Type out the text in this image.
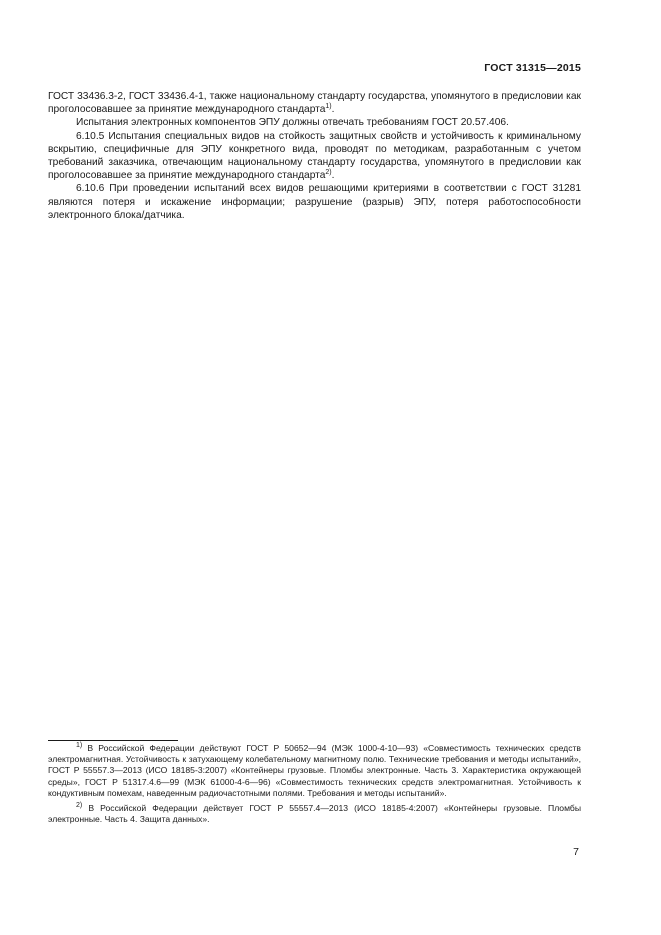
ГОСТ 31315—2015

ГОСТ 33436.3-2, ГОСТ 33436.4-1, также национальному стандарту государства, упомянутого в предисловии как проголосовавшее за принятие международного стандарта$^{1)}$.

Испытания электронных компонентов ЭПУ должны отвечать требованиям ГОСТ 20.57.406.

6.10.5 Испытания специальных видов на стойкость защитных свойств и устойчивость к криминальному вскрытию, специфичные для ЭПУ конкретного вида, проводят по методикам, разработанным с учетом требований заказчика, отвечающим национальному стандарту государства, упомянутого в предисловии как проголосовавшее за принятие международного стандарта$^{2)}$.

6.10.6 При проведении испытаний всех видов решающими критериями в соответствии с ГОСТ 31281 являются потеря и искажение информации; разрушение (разрыв) ЭПУ, потеря работоспособности электронного блока/датчика.

$^{1)}$ В Российской Федерации действуют ГОСТ Р 50652—94 (МЭК 1000-4-10—93) «Совместимость технических средств электромагнитная. Устойчивость к затухающему колебательному магнитному полю. Технические требования и методы испытаний», ГОСТ Р 55557.3—2013 (ИСО 18185-3:2007) «Контейнеры грузовые. Пломбы электронные. Часть 3. Характеристика окружающей среды», ГОСТ Р 51317.4.6—99 (МЭК 61000-4-6—96) «Совместимость технических средств электромагнитная. Устойчивость к кондуктивным помехам, наведенным радиочастотными полями. Требования и методы испытаний».

$^{2)}$ В Российской Федерации действует ГОСТ Р 55557.4—2013 (ИСО 18185-4:2007) «Контейнеры грузовые. Пломбы электронные. Часть 4. Защита данных».

7
